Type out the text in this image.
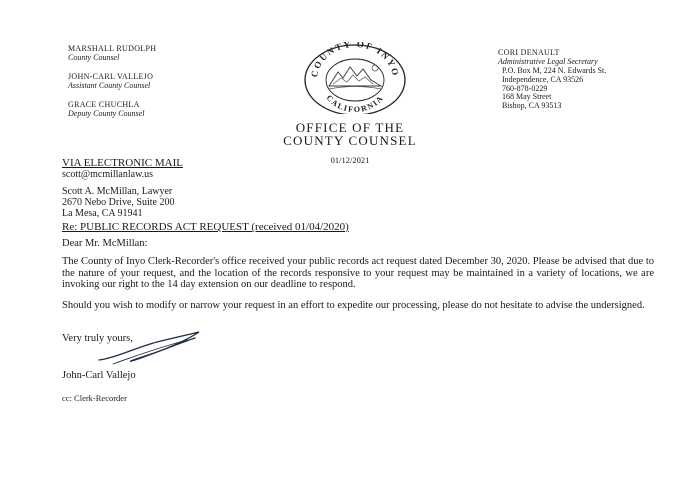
MARSHALL RUDOLPH
County Counsel
JOHN-CARL VALLEJO
Assistant County Counsel
GRACE CHUCHLA
Deputy County Counsel
COUNTY OF INYO
CALIFORNIA
CORI DENAULT
Administrative Legal Secretary
P.O. Box M, 224 N. Edwards St.
Independence, CA 93526
760-878-0229
168 May Street
Bishop, CA 93513
OFFICE OF THE
COUNTY COUNSEL
01/12/2021
VIA ELECTRONIC MAIL
scott@mcmillanlaw.us
Scott A. McMillan, Lawyer
2670 Nebo Drive, Suite 200
La Mesa, CA 91941
Re: PUBLIC RECORDS ACT REQUEST (received 01/04/2020)
Dear Mr. McMillan:
The County of Inyo Clerk-Recorder's office received your public records act request dated December 30, 2020. Please be advised that due to the nature of your request, and the location of the records responsive to your request may be maintained in a variety of locations, we are invoking our right to the 14 day extension on our deadline to respond.
Should you wish to modify or narrow your request in an effort to expedite our processing, please do not hesitate to advise the undersigned.
Very truly yours,
John-Carl Vallejo
cc: Clerk-Recorder
